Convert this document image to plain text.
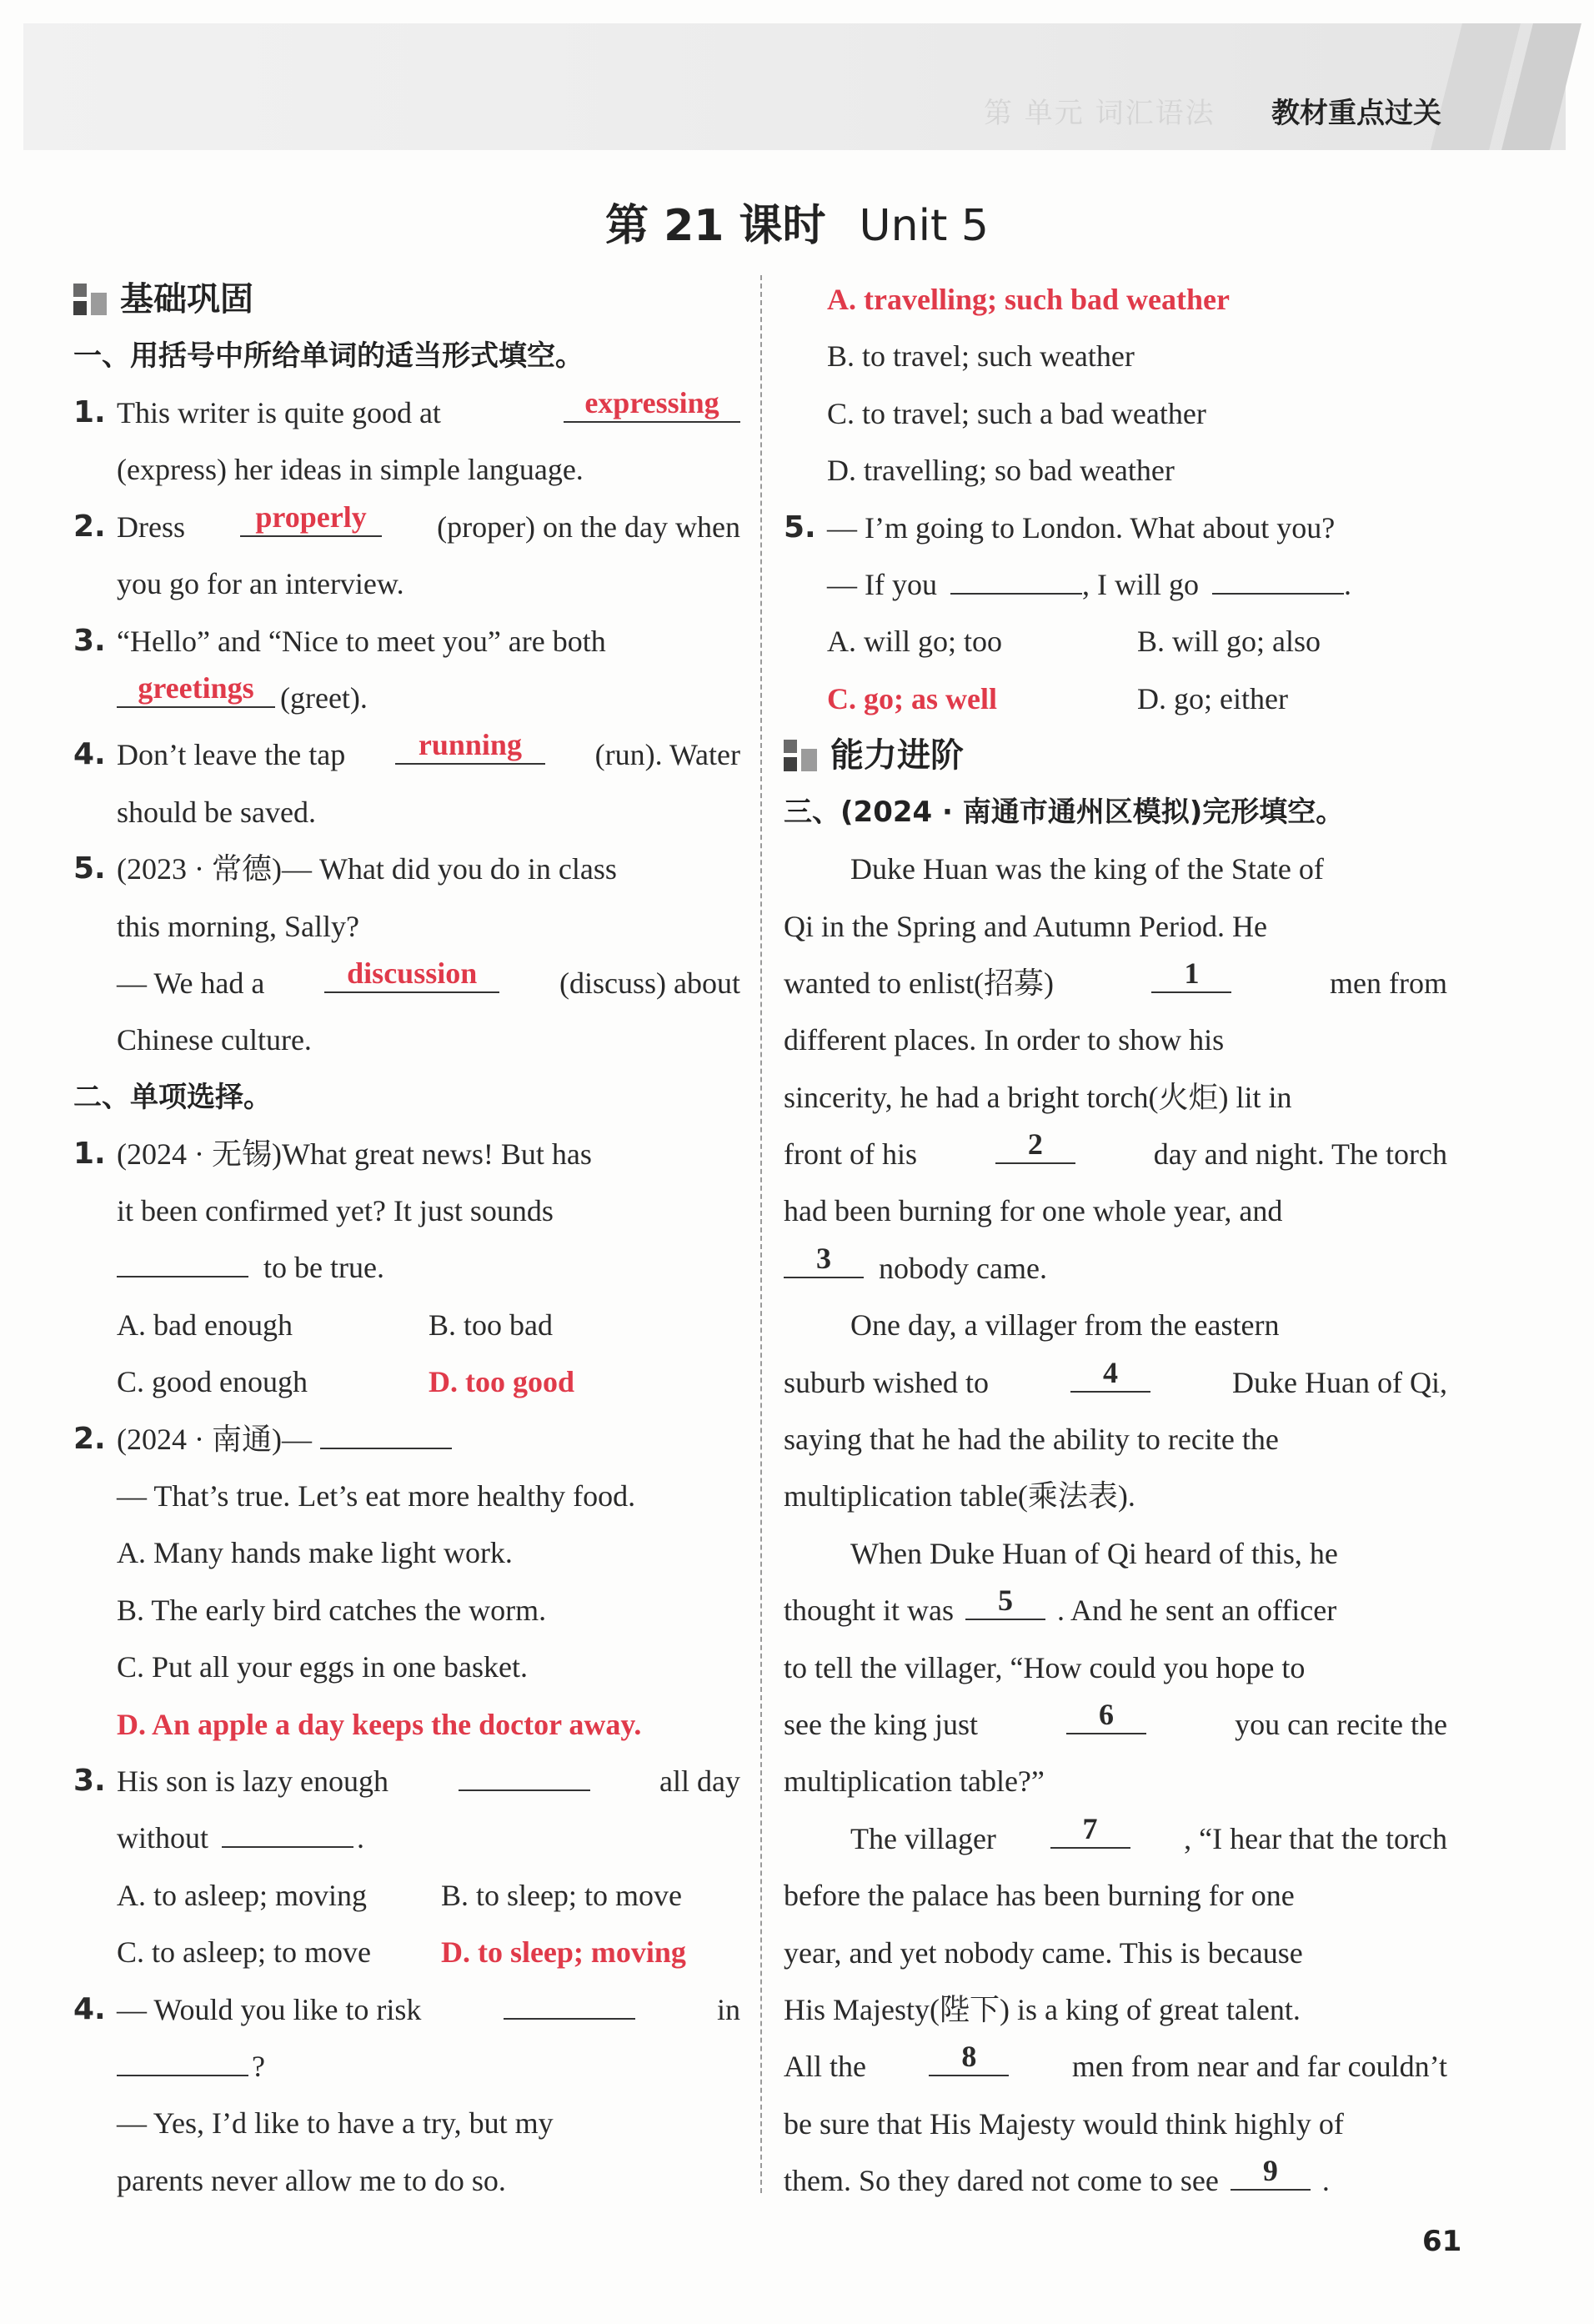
第 单元 词汇语法 教材重点过关
第 21 课时 Unit 5
基础巩固
一、用括号中所给单词的适当形式填空。
1. This writer is quite good at	expressing
(express) her ideas in simple language.
2. Dress	properly	(proper) on the day when
you go for an interview.
3. “Hello” and “Nice to meet you” are both
greetings (greet).
4. Don’t leave the tap	running	(run). Water
should be saved.
5. (2023 · 常德)— What did you do in class
this morning, Sally?
— We had a	discussion	(discuss) about
Chinese culture.
二、单项选择。
1. (2024 · 无锡)What great news! But has
it been confirmed yet? It just sounds
to be true.
A. bad enough	B. too bad
C. good enough	D. too good
2. (2024 · 南通)—
— That’s true. Let’s eat more healthy food.
A. Many hands make light work.
B. The early bird catches the worm.
C. Put all your eggs in one basket.
D. An apple a day keeps the doctor away.
3. His son is lazy enough	all day
without	.
A. to asleep; moving	B. to sleep; to move
C. to asleep; to move	D. to sleep; moving
4. — Would you like to risk	in
?
— Yes, I’d like to have a try, but my
parents never allow me to do so.
A. travelling; such bad weather
B. to travel; such weather
C. to travel; such a bad weather
D. travelling; so bad weather
5. — I’m going to London. What about you?
— If you	, I will go	.
A. will go; too	B. will go; also
C. go; as well	D. go; either
能力进阶
三、(2024 · 南通市通州区模拟)完形填空。
Duke Huan was the king of the State of
Qi in the Spring and Autumn Period. He
wanted to enlist(招募)	1	men from
different places. In order to show his
sincerity, he had a bright torch(火炬) lit in
front of his	2	day and night. The torch
had been burning for one whole year, and
3	nobody came.
One day, a villager from the eastern
suburb wished to	4	Duke Huan of Qi,
saying that he had the ability to recite the
multiplication table(乘法表).
When Duke Huan of Qi heard of this, he
thought it was	5	. And he sent an officer
to tell the villager, “How could you hope to
see the king just	6	you can recite the
multiplication table?”
The villager	7	, “I hear that the torch
before the palace has been burning for one
year, and yet nobody came. This is because
His Majesty(陛下) is a king of great talent.
All the	8	men from near and far couldn’t
be sure that His Majesty would think highly of
them. So they dared not come to see	9	.
61
